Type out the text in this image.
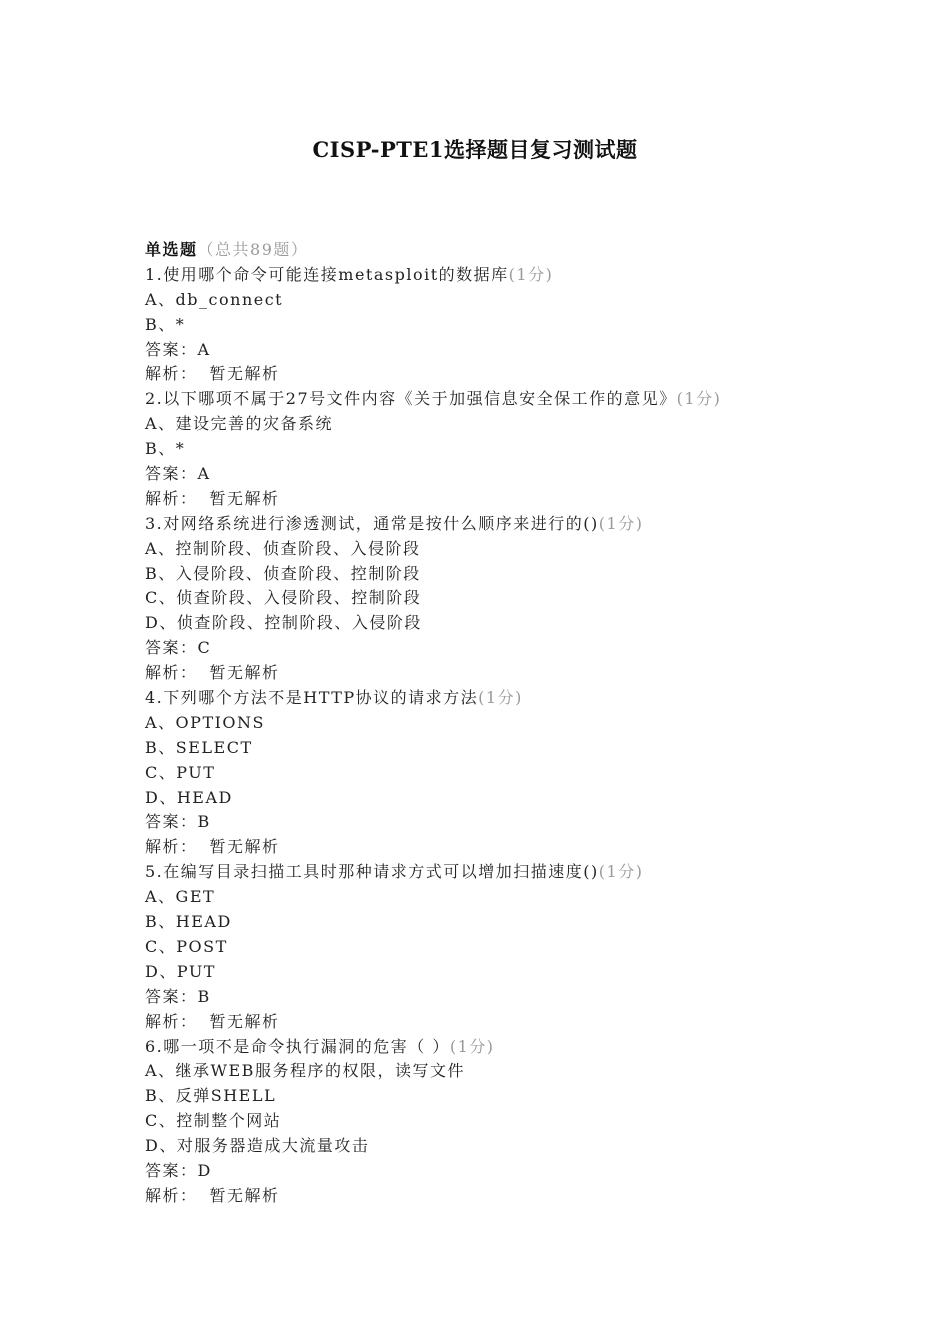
CISP-PTE1选择题目复习测试题
单选题（总共89题）
1.使用哪个命令可能连接metasploit的数据库(1分)
A、db_connect
B、*
答案：A
解析： 暂无解析
2.以下哪项不属于27号文件内容《关于加强信息安全保工作的意见》(1分)
A、建设完善的灾备系统
B、*
答案：A
解析： 暂无解析
3.对网络系统进行渗透测试，通常是按什么顺序来进行的()(1分)
A、控制阶段、侦查阶段、入侵阶段
B、入侵阶段、侦查阶段、控制阶段
C、侦查阶段、入侵阶段、控制阶段
D、侦查阶段、控制阶段、入侵阶段
答案：C
解析： 暂无解析
4.下列哪个方法不是HTTP协议的请求方法(1分)
A、OPTIONS
B、SELECT
C、PUT
D、HEAD
答案：B
解析： 暂无解析
5.在编写目录扫描工具时那种请求方式可以增加扫描速度()(1分)
A、GET
B、HEAD
C、POST
D、PUT
答案：B
解析： 暂无解析
6.哪一项不是命令执行漏洞的危害（ ）(1分)
A、继承WEB服务程序的权限，读写文件
B、反弹SHELL
C、控制整个网站
D、对服务器造成大流量攻击
答案：D
解析： 暂无解析
